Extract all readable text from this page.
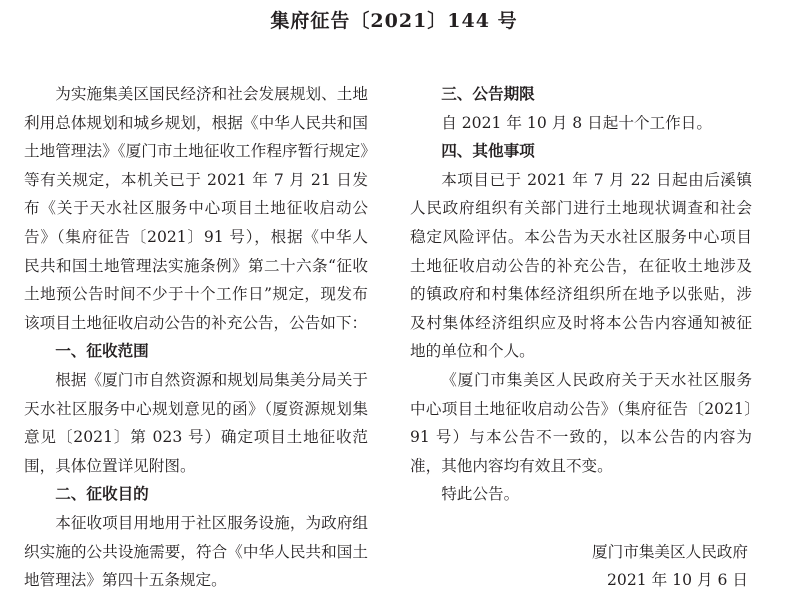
集府征告〔2021〕144 号

为实施集美区国民经济和社会发展规划、土地利用总体规划和城乡规划，根据《中华人民共和国土地管理法》《厦门市土地征收工作程序暂行规定》等有关规定，本机关已于 2021 年 7 月 21 日发布《关于天水社区服务中心项目土地征收启动公告》（集府征告〔2021〕91 号），根据《中华人民共和国土地管理法实施条例》第二十六条“征收土地预公告时间不少于十个工作日”规定，现发布该项目土地征收启动公告的补充公告，公告如下：

一、征收范围

根据《厦门市自然资源和规划局集美分局关于天水社区服务中心规划意见的函》（厦资源规划集意见〔2021〕第 023 号）确定项目土地征收范围，具体位置详见附图。

二、征收目的

本征收项目用地用于社区服务设施，为政府组织实施的公共设施需要，符合《中华人民共和国土地管理法》第四十五条规定。

三、公告期限

自 2021 年 10 月 8 日起十个工作日。

四、其他事项

本项目已于 2021 年 7 月 22 日起由后溪镇人民政府组织有关部门进行土地现状调查和社会稳定风险评估。本公告为天水社区服务中心项目土地征收启动公告的补充公告，在征收土地涉及的镇政府和村集体经济组织所在地予以张贴，涉及村集体经济组织应及时将本公告内容通知被征地的单位和个人。

《厦门市集美区人民政府关于天水社区服务中心项目土地征收启动公告》（集府征告〔2021〕91 号）与本公告不一致的，以本公告的内容为准，其他内容均有效且不变。

特此公告。

厦门市集美区人民政府
2021 年 10 月 6 日
